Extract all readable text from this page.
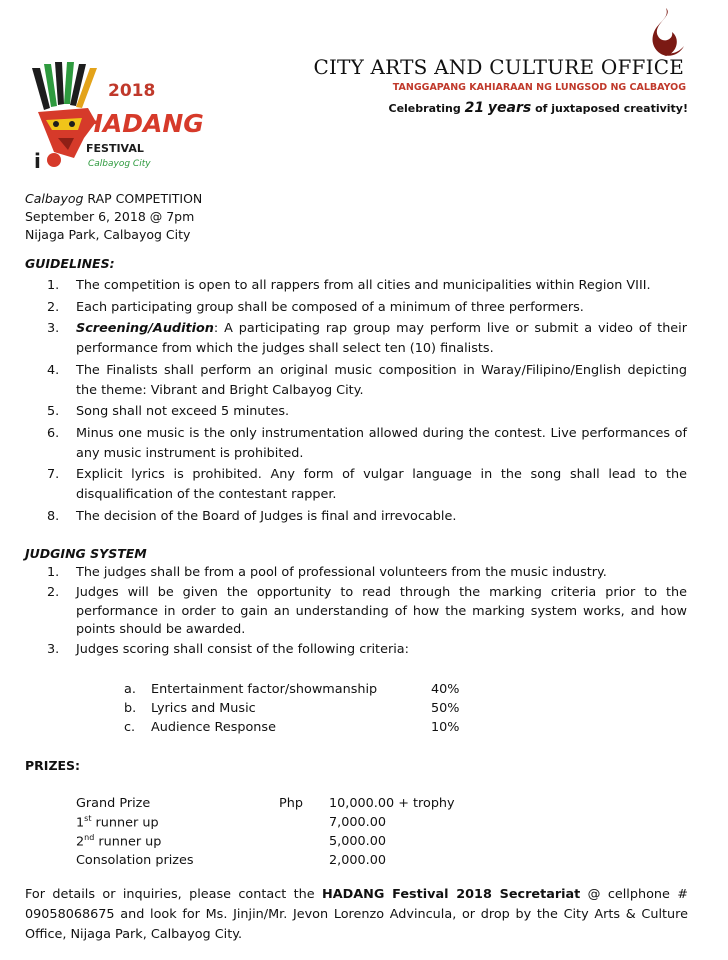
i
2018
HADANG
FESTIVAL
Calbayog City
CITY ARTS AND CULTURE OFFICE
TANGGAPANG KAHIARAAN NG LUNGSOD NG CALBAYOG
Celebrating 21 years of juxtaposed creativity!
Calbayog RAP COMPETITION
September 6, 2018 @ 7pm
Nijaga Park, Calbayog City
GUIDELINES:
1. The competition is open to all rappers from all cities and municipalities within Region VIII.
2. Each participating group shall be composed of a minimum of three performers.
3. Screening/Audition: A participating rap group may perform live or submit a video of their performance from which the judges shall select ten (10) finalists.
4. The Finalists shall perform an original music composition in Waray/Filipino/English depicting the theme: Vibrant and Bright Calbayog City.
5. Song shall not exceed 5 minutes.
6. Minus one music is the only instrumentation allowed during the contest. Live performances of any music instrument is prohibited.
7. Explicit lyrics is prohibited. Any form of vulgar language in the song shall lead to the disqualification of the contestant rapper.
8. The decision of the Board of Judges is final and irrevocable.
JUDGING SYSTEM
1. The judges shall be from a pool of professional volunteers from the music industry.
2. Judges will be given the opportunity to read through the marking criteria prior to the performance in order to gain an understanding of how the marking system works, and how points should be awarded.
3. Judges scoring shall consist of the following criteria:
a.	Entertainment factor/showmanship	40%
b.	Lyrics and Music	50%
c.	Audience Response	10%
PRIZES:
Grand Prize	Php	10,000.00 + trophy
1st runner up		7,000.00
2nd runner up		5,000.00
Consolation prizes		2,000.00
For details or inquiries, please contact the HADANG Festival 2018 Secretariat @ cellphone # 09058068675 and look for Ms. Jinjin/Mr. Jevon Lorenzo Advincula, or drop by the City Arts & Culture Office, Nijaga Park, Calbayog City.
